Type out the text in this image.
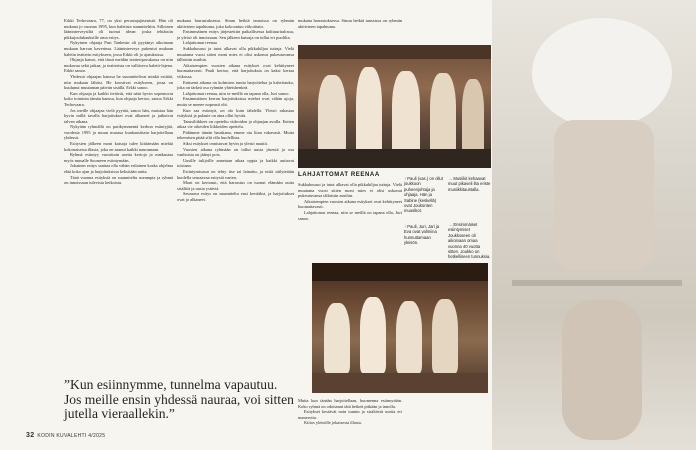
Erkki Terhovaara, 77, on yksi perustajajäsenistä. Hän oli mukana jo vuonna 1995, kun baletista suunniteltiin. Silloinen lääninterveysiltä oli tuonut idean: joska tehtäisiin pikkujoulukauksille oma esitys.

Nykyinen ohjaaja Pasi Tankesin oli pyytänyt aikoinaan mukaan harvan kaverinsa. Lääninterveys pukeutui mukaan baletin teatterin esitykseen, jossa Erkki oli jo ajatuksissa.

Ohjaaja katsoi, että tässä meidän teatteriporukassa on niin mukavaa sekä jatkaa, ja teatterista on vallitseva baletti-lajena. Erkki sanoo.

Yhdessä ohjaajan kanssa he suunnittelivat minkä esittää, niin mukaan lähtisi. He koostivat esitykseen, jossa on kuulunut muutaman päivän sisällä. Erkki sanoo.

Kun ohjaaja ja kaikki tietävät, että näin hyvin sopeutuvat koko toiminta tämän kanssa, kun ohjaaja kertoo, sanoo Erkki Terhovaara.

Jos meille ohjaajaa vielä pyytää, sanoo hän, muistaa hän hyvin millä tavalla harjoitukset ovat alkaneet ja jatkuivat talven aikana.

Nykyään ryhmällä on parikymmentä kerhon esiintyjää, vuodesta 1995 ja muun muassa kuukausittain harjoitellaan yhdessä.

Esitysten jälkeen moni katsoja tulee kiittämään miehiä kokonaisesta illasta, joka on saanut kaikki nauramaan.

Ryhmä esiintyy vuosittain useita kertoja ja matkustaa myös muualle Suomeen esiintymään.

Jokainen esitys saattaa olla vähän erilainen koska ohjelma elää koko ajan ja harjoituksissa keksitään uutta.

Tänä vuonna esityksiä on suunniteltu useampia ja ryhmä on innoissaan tulevista keikoista.

mukana harrastuksessa. Sinun hetkiä tanssissa on ryhmän aktiivinen tapahtuma, joka kokoontuu viikoittain.

Ensimmäinen esitys järjestettiin paikallisessa kulttuuritalossa, ja yleisö oli innoissaan. Sen jälkeen kutsuja on tullut eri puolilta.

Lahjattomat reenaa

Sukkahousut ja tutut alkavat olla pikkuhiljaa tuttuja. Vielä muutama vuosi sitten moni mies ei olisi uskonut pukeutuvansa tällaisiin asuihin.

Aikaisempien vuosien aikana esitykset ovat kehittyneet huomattavasti. Pauli kertoo, että harjoituksia on kaksi kertaa viikossa.

Entisenä aikana on kolmisen tuntia harjoittelua ja kahvitauko, joka on tärkeä osa ryhmän yhteishenkeä.

Lahjattomat reenaa, niin se meillä on tapana olla, Juri sanoo.

Ensimmäisen kerran harjoituksissa miehet ovat vähän ujoja, mutta se menee nopeasti ohi.

Kun saa esiintyä, on olo kuin tähdellä. Yleisö rakastaa esityksiä ja palaute on aina ollut hyvää.

Tanssiliikkeet on opeteltu videoiden ja ohjaajan avulla. Eniten aikaa vie oikeiden liikkeiden opettelu.

Pidämme tämän hauskana, emme ota liian vakavasti. Mutta tekemisen pitää silti olla huolellista.

Siksi esitykset onnistuvat hyvin ja yleisö nauttii.

Vuosien aikana ryhmään on tullut uusia jäseniä ja osa vanhoista on jäänyt pois.

Uusille tulijoille annetaan aikaa oppia ja kaikki auttavat toisiaan.

Esiintymisasut on tehty itse tai lainattu, ja niitä säilytetään huolella seuraavaa esitystä varten.

Moni on kertonut, että harrastus on tuonut elämään uutta sisältöä ja uusia ystäviä.

Seuraava esitys on suunniteltu ensi kevääksi, ja harjoitukset ovat jo alkaneet.

mukana harrastuksessa. Sinun hetkiä tanssissa on ryhmän aktiivinen tapahtuma.

LAHJATTOMAT REENAA

Sukkahousut ja tutut alkavat olla pikkuhiljaa tuttuja. Vielä muutama vuosi sitten moni mies ei olisi uskonut pukeutuvansa tällaisiin asuihin.

Aikaisempien vuosien aikana esitykset ovat kehittyneet huomattavasti.

Lahjattomat reenaa, niin se meillä on tapana olla, Juri sanoo.

Mutta kun tänään harjoitellaan, huomenna esiinnytään. Koko ryhmä on odottanut tätä hetkeä pitkään ja innolla.

Esitykset kestävät noin tunnin ja sisältävät useita eri numeroita.

Kiitos yleisölle jokaisesta illasta.

”Kun esiinnymme, tunnelma vapautuu. Jos meille ensin yhdessä nauraa, voi sitten jutella vieraallekin.”
32 KODIN KUVALEHTI 4/2025
↑ Pauli (vas.) on ollut joukkoon puheenjohtaja ja ohjaaja. Hän ja Sabine (keskellä) ovat Joukonten muusikot.
↑ Pauli, Juri, Jari ja Eva ovat valmiina hunnuttamaan yleisön.
→ Musiikit kehaavat muut pikaveli ilta eriste musiikkitaustalla.
→ Ensimmäiset esiintymiset Joukkoseen oli aikoinaan omaa vuonna 40 vuotta sitten. Joukko on hetkelliseen tunnuksia.
